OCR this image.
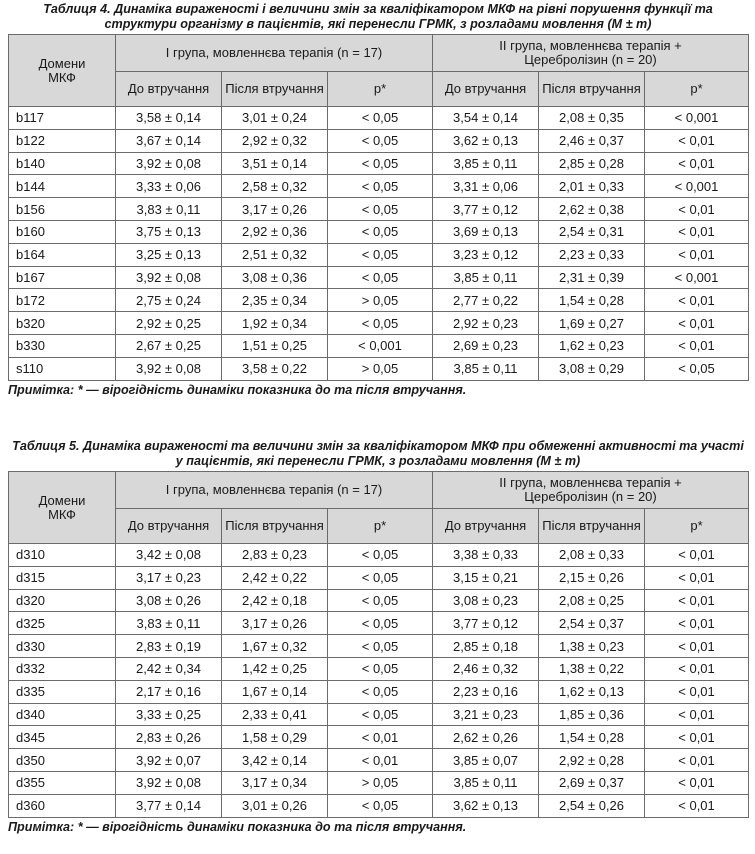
Таблиця 4. Динаміка вираженості і величини змін за кваліфікатором МКФ на рівні порушення функції та структури організму в пацієнтів, які перенесли ГРМК, з розладами мовлення (M ± m)
Домени МКФ	І група, мовленнєва терапія (n = 17)			ІІ група, мовленнєва терапія + Церебролізин (n = 20)		
	До втручання	Після втручання	p*	До втручання	Після втручання	p*
b117	3,58 ± 0,14	3,01 ± 0,24	< 0,05	3,54 ± 0,14	2,08 ± 0,35	< 0,001
b122	3,67 ± 0,14	2,92 ± 0,32	< 0,05	3,62 ± 0,13	2,46 ± 0,37	< 0,01
b140	3,92 ± 0,08	3,51 ± 0,14	< 0,05	3,85 ± 0,11	2,85 ± 0,28	< 0,01
b144	3,33 ± 0,06	2,58 ± 0,32	< 0,05	3,31 ± 0,06	2,01 ± 0,33	< 0,001
b156	3,83 ± 0,11	3,17 ± 0,26	< 0,05	3,77 ± 0,12	2,62 ± 0,38	< 0,01
b160	3,75 ± 0,13	2,92 ± 0,36	< 0,05	3,69 ± 0,13	2,54 ± 0,31	< 0,01
b164	3,25 ± 0,13	2,51 ± 0,32	< 0,05	3,23 ± 0,12	2,23 ± 0,33	< 0,01
b167	3,92 ± 0,08	3,08 ± 0,36	< 0,05	3,85 ± 0,11	2,31 ± 0,39	< 0,001
b172	2,75 ± 0,24	2,35 ± 0,34	> 0,05	2,77 ± 0,22	1,54 ± 0,28	< 0,01
b320	2,92 ± 0,25	1,92 ± 0,34	< 0,05	2,92 ± 0,23	1,69 ± 0,27	< 0,01
b330	2,67 ± 0,25	1,51 ± 0,25	< 0,001	2,69 ± 0,23	1,62 ± 0,23	< 0,01
s110	3,92 ± 0,08	3,58 ± 0,22	> 0,05	3,85 ± 0,11	3,08 ± 0,29	< 0,05
Примітка: * — вірогідність динаміки показника до та після втручання.
Таблиця 5. Динаміка вираженості та величини змін за кваліфікатором МКФ при обмеженні активності та участі у пацієнтів, які перенесли ГРМК, з розладами мовлення (M ± m)
Домени МКФ	І група, мовленнєва терапія (n = 17)			ІІ група, мовленнєва терапія + Церебролізин (n = 20)		
	До втручання	Після втручання	p*	До втручання	Після втручання	p*
d310	3,42 ± 0,08	2,83 ± 0,23	< 0,05	3,38 ± 0,33	2,08 ± 0,33	< 0,01
d315	3,17 ± 0,23	2,42 ± 0,22	< 0,05	3,15 ± 0,21	2,15 ± 0,26	< 0,01
d320	3,08 ± 0,26	2,42 ± 0,18	< 0,05	3,08 ± 0,23	2,08 ± 0,25	< 0,01
d325	3,83 ± 0,11	3,17 ± 0,26	< 0,05	3,77 ± 0,12	2,54 ± 0,37	< 0,01
d330	2,83 ± 0,19	1,67 ± 0,32	< 0,05	2,85 ± 0,18	1,38 ± 0,23	< 0,01
d332	2,42 ± 0,34	1,42 ± 0,25	< 0,05	2,46 ± 0,32	1,38 ± 0,22	< 0,01
d335	2,17 ± 0,16	1,67 ± 0,14	< 0,05	2,23 ± 0,16	1,62 ± 0,13	< 0,01
d340	3,33 ± 0,25	2,33 ± 0,41	< 0,05	3,21 ± 0,23	1,85 ± 0,36	< 0,01
d345	2,83 ± 0,26	1,58 ± 0,29	< 0,01	2,62 ± 0,26	1,54 ± 0,28	< 0,01
d350	3,92 ± 0,07	3,42 ± 0,14	< 0,01	3,85 ± 0,07	2,92 ± 0,28	< 0,01
d355	3,92 ± 0,08	3,17 ± 0,34	> 0,05	3,85 ± 0,11	2,69 ± 0,37	< 0,01
d360	3,77 ± 0,14	3,01 ± 0,26	< 0,05	3,62 ± 0,13	2,54 ± 0,26	< 0,01
Примітка: * — вірогідність динаміки показника до та після втручання.
